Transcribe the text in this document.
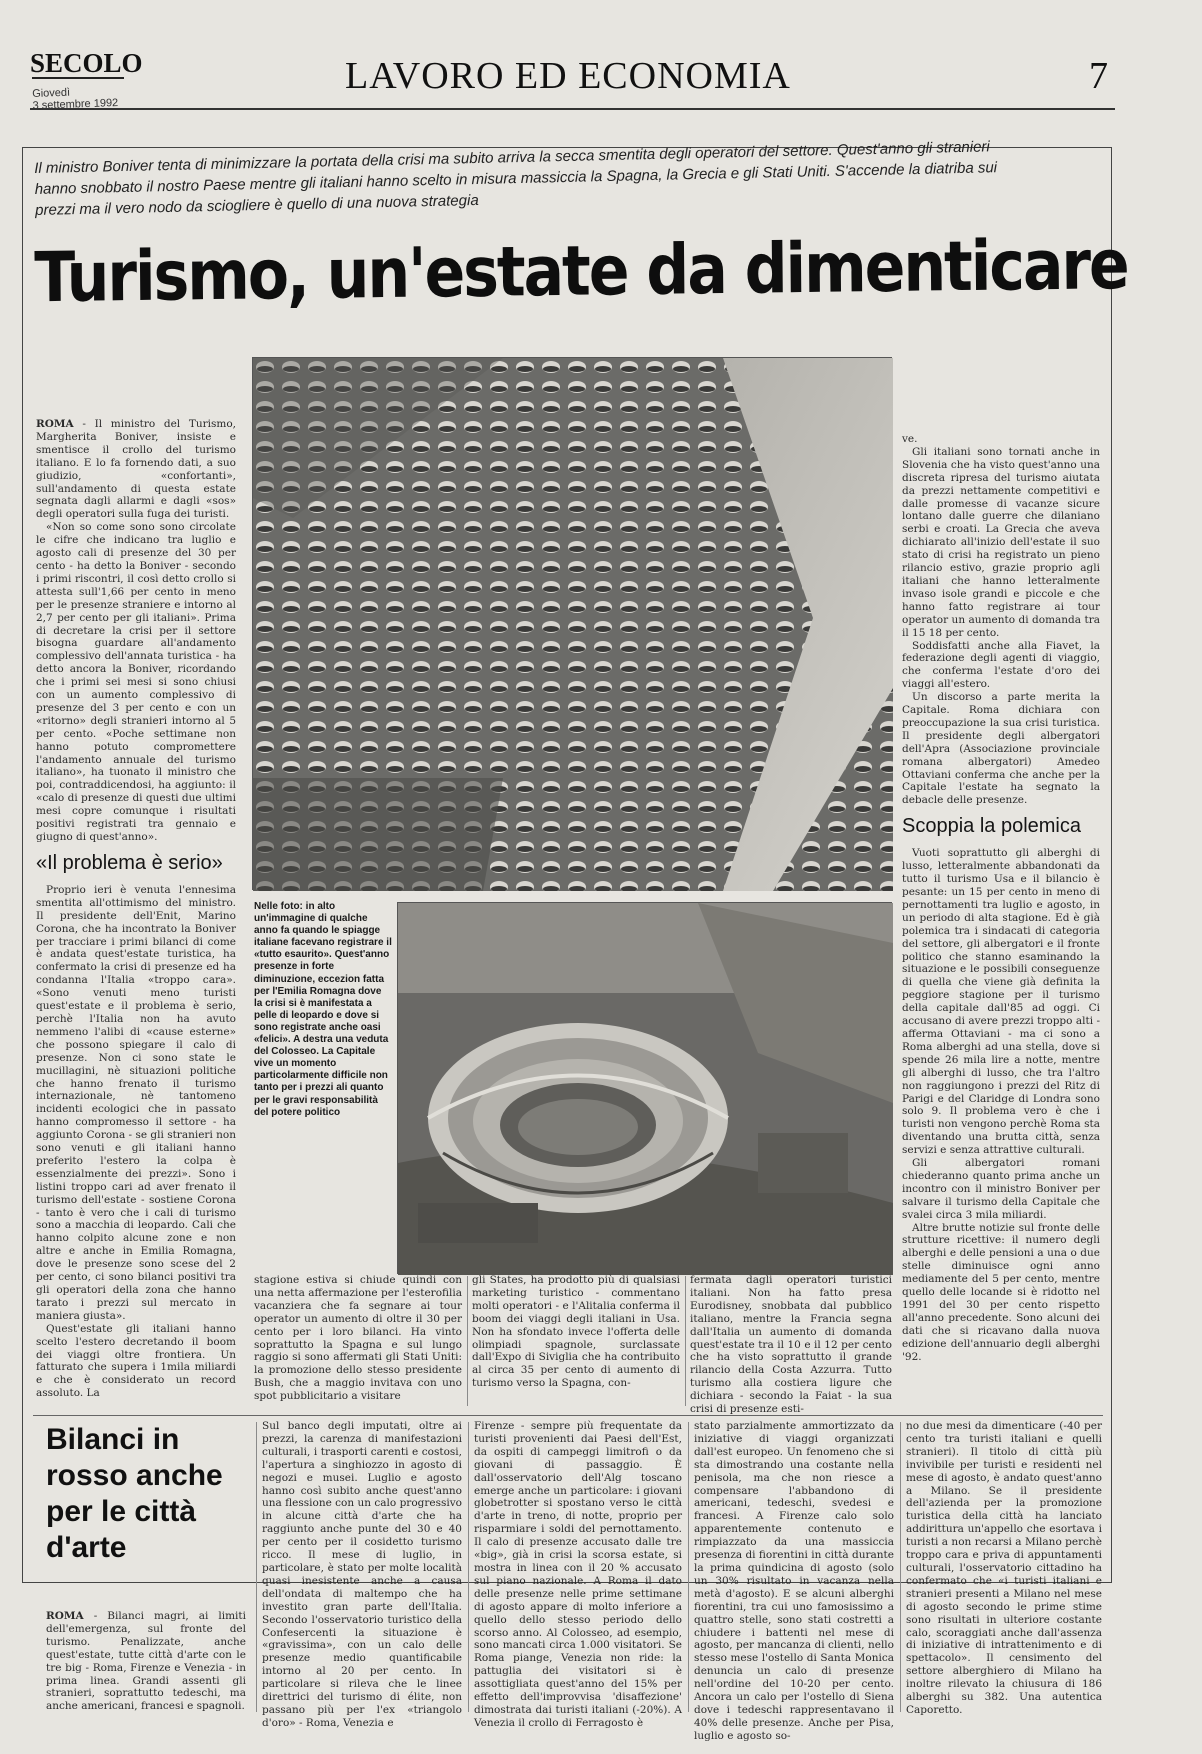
SECOLO
Giovedì
3 settembre 1992
LAVORO ED ECONOMIA	7
Il ministro Boniver tenta di minimizzare la portata della crisi ma subito arriva la secca smentita degli operatori del settore. Quest'anno gli stranieri hanno snobbato il nostro Paese mentre gli italiani hanno scelto in misura massiccia la Spagna, la Grecia e gli Stati Uniti. S'accende la diatriba sui prezzi ma il vero nodo da sciogliere è quello di una nuova strategia
Turismo, un'estate da dimenticare

ROMA - Il ministro del Turismo, Margherita Boniver, insiste e smentisce il crollo del turismo italiano. E lo fa fornendo dati, a suo giudizio, «confortanti», sull'andamento di questa estate segnata dagli allarmi e dagli «sos» degli operatori sulla fuga dei turisti.

«Non so come sono sono circolate le cifre che indicano tra luglio e agosto cali di presenze del 30 per cento - ha detto la Boniver - secondo i primi riscontri, il così detto crollo si attesta sull'1,66 per cento in meno per le presenze straniere e intorno al 2,7 per cento per gli italiani». Prima di decretare la crisi per il settore bisogna guardare all'andamento complessivo dell'annata turistica - ha detto ancora la Boniver, ricordando che i primi sei mesi si sono chiusi con un aumento complessivo di presenze del 3 per cento e con un «ritorno» degli stranieri intorno al 5 per cento. «Poche settimane non hanno potuto compromettere l'andamento annuale del turismo italiano», ha tuonato il ministro che poi, contraddicendosi, ha aggiunto: il «calo di presenze di questi due ultimi mesi copre comunque i risultati positivi registrati tra gennaio e giugno di quest'anno».

«Il problema è serio»

Proprio ieri è venuta l'ennesima smentita all'ottimismo del ministro. Il presidente dell'Enit, Marino Corona, che ha incontrato la Boniver per tracciare i primi bilanci di come è andata quest'estate turistica, ha confermato la crisi di presenze ed ha condanna l'Italia «troppo cara». «Sono venuti meno turisti quest'estate e il problema è serio, perchè l'Italia non ha avuto nemmeno l'alibi di «cause esterne» che possono spiegare il calo di presenze. Non ci sono state le mucillagini, nè situazioni politiche che hanno frenato il turismo internazionale, nè tantomeno incidenti ecologici che in passato hanno compromesso il settore - ha aggiunto Corona - se gli stranieri non sono venuti e gli italiani hanno preferito l'estero la colpa è essenzialmente dei prezzi». Sono i listini troppo cari ad aver frenato il turismo dell'estate - sostiene Corona - tanto è vero che i cali di turismo sono a macchia di leopardo. Cali che hanno colpito alcune zone e non altre e anche in Emilia Romagna, dove le presenze sono scese del 2 per cento, ci sono bilanci positivi tra gli operatori della zona che hanno tarato i prezzi sul mercato in maniera giusta».

Quest'estate gli italiani hanno scelto l'estero decretando il boom dei viaggi oltre frontiera. Un fatturato che supera i 1mila miliardi e che è considerato un record assoluto. La

Nelle foto: in alto un'immagine di qualche anno fa quando le spiagge italiane facevano registrare il «tutto esaurito». Quest'anno presenze in forte diminuzione, eccezion fatta per l'Emilia Romagna dove la crisi si è manifestata a pelle di leopardo e dove si sono registrate anche oasi «felici». A destra una veduta del Colosseo. La Capitale vive un momento particolarmente difficile non tanto per i prezzi ali quanto per le gravi responsabilità del potere politico

stagione estiva si chiude quindi con una netta affermazione per l'esterofilia vacanziera che fa segnare ai tour operator un aumento di oltre il 30 per cento per i loro bilanci. Ha vinto soprattutto la Spagna e sul lungo raggio si sono affermati gli Stati Uniti: la promozione dello stesso presidente Bush, che a maggio invitava con uno spot pubblicitario a visitare

gli States, ha prodotto più di qualsiasi marketing turistico - commentano molti operatori - e l'Alitalia conferma il boom dei viaggi degli italiani in Usa. Non ha sfondato invece l'offerta delle olimpiadi spagnole, surclassate dall'Expo di Siviglia che ha contribuito al circa 35 per cento di aumento di turismo verso la Spagna, con-

fermata dagli operatori turistici italiani. Non ha fatto presa Eurodisney, snobbata dal pubblico italiano, mentre la Francia segna dall'Italia un aumento di domanda quest'estate tra il 10 e il 12 per cento che ha visto soprattutto il grande rilancio della Costa Azzurra. Tutto turismo alla costiera ligure che dichiara - secondo la Faiat - la sua crisi di presenze esti-

ve.

Gli italiani sono tornati anche in Slovenia che ha visto quest'anno una discreta ripresa del turismo aiutata da prezzi nettamente competitivi e dalle promesse di vacanze sicure lontano dalle guerre che dilaniano serbi e croati. La Grecia che aveva dichiarato all'inizio dell'estate il suo stato di crisi ha registrato un pieno rilancio estivo, grazie proprio agli italiani che hanno letteralmente invaso isole grandi e piccole e che hanno fatto registrare ai tour operator un aumento di domanda tra il 15 18 per cento.

Soddisfatti anche alla Fiavet, la federazione degli agenti di viaggio, che conferma l'estate d'oro dei viaggi all'estero.

Un discorso a parte merita la Capitale. Roma dichiara con preoccupazione la sua crisi turistica. Il presidente degli albergatori dell'Apra (Associazione provinciale romana albergatori) Amedeo Ottaviani conferma che anche per la Capitale l'estate ha segnato la debacle delle presenze.

Scoppia la polemica

Vuoti soprattutto gli alberghi di lusso, letteralmente abbandonati da tutto il turismo Usa e il bilancio è pesante: un 15 per cento in meno di pernottamenti tra luglio e agosto, in un periodo di alta stagione. Ed è già polemica tra i sindacati di categoria del settore, gli albergatori e il fronte politico che stanno esaminando la situazione e le possibili conseguenze di quella che viene già definita la peggiore stagione per il turismo della capitale dall'85 ad oggi. Ci accusano di avere prezzi troppo alti - afferma Ottaviani - ma ci sono a Roma alberghi ad una stella, dove si spende 26 mila lire a notte, mentre gli alberghi di lusso, che tra l'altro non raggiungono i prezzi del Ritz di Parigi e del Claridge di Londra sono solo 9. Il problema vero è che i turisti non vengono perchè Roma sta diventando una brutta città, senza servizi e senza attrattive culturali.

Gli albergatori romani chiederanno quanto prima anche un incontro con il ministro Boniver per salvare il turismo della Capitale che svalei circa 3 mila miliardi.

Altre brutte notizie sul fronte delle strutture ricettive: il numero degli alberghi e delle pensioni a una o due stelle diminuisce ogni anno mediamente del 5 per cento, mentre quello delle locande si è ridotto nel 1991 del 30 per cento rispetto all'anno precedente. Sono alcuni dei dati che si ricavano dalla nuova edizione dell'annuario degli alberghi '92.

Bilanci in rosso anche per le città d'arte

ROMA - Bilanci magri, ai limiti dell'emergenza, sul fronte del turismo. Penalizzate, anche quest'estate, tutte città d'arte con le tre big - Roma, Firenze e Venezia - in prima linea. Grandi assenti gli stranieri, soprattutto tedeschi, ma anche americani, francesi e spagnoli.

Sul banco degli imputati, oltre ai prezzi, la carenza di manifestazioni culturali, i trasporti carenti e costosi, l'apertura a singhiozzo in agosto di negozi e musei. Luglio e agosto hanno così subito anche quest'anno una flessione con un calo progressivo in alcune città d'arte che ha raggiunto anche punte del 30 e 40 per cento per il cosidetto turismo ricco. Il mese di luglio, in particolare, è stato per molte località quasi inesistente anche a causa dell'ondata di maltempo che ha investito gran parte dell'Italia. Secondo l'osservatorio turistico della Confesercenti la situazione è «gravissima», con un calo delle presenze medio quantificabile intorno al 20 per cento. In particolare si rileva che le linee direttrici del turismo di élite, non passano più per l'ex «triangolo d'oro» - Roma, Venezia e

Firenze - sempre più frequentate da turisti provenienti dai Paesi dell'Est, da ospiti di campeggi limitrofi o da giovani di passaggio. È dall'osservatorio dell'Alg toscano emerge anche un particolare: i giovani globetrotter si spostano verso le città d'arte in treno, di notte, proprio per risparmiare i soldi del pernottamento. Il calo di presenze accusato dalle tre «big», già in crisi la scorsa estate, si mostra in linea con il 20 % accusato sul piano nazionale. A Roma il dato delle presenze nelle prime settimane di agosto appare di molto inferiore a quello dello stesso periodo dello scorso anno. Al Colosseo, ad esempio, sono mancati circa 1.000 visitatori. Se Roma piange, Venezia non ride: la pattuglia dei visitatori si è assottigliata quest'anno del 15% per effetto dell'improvvisa 'disaffezione' dimostrata dai turisti italiani (-20%). A Venezia il crollo di Ferragosto è

stato parzialmente ammortizzato da iniziative di viaggi organizzati dall'est europeo. Un fenomeno che si sta dimostrando una costante nella penisola, ma che non riesce a compensare l'abbandono di americani, tedeschi, svedesi e francesi. A Firenze calo solo apparentemente contenuto e rimpiazzato da una massiccia presenza di fiorentini in città durante la prima quindicina di agosto (solo un 30% risultato in vacanza nella metà d'agosto). E se alcuni alberghi fiorentini, tra cui uno famosissimo a quattro stelle, sono stati costretti a chiudere i battenti nel mese di agosto, per mancanza di clienti, nello stesso mese l'ostello di Santa Monica denuncia un calo di presenze nell'ordine del 10-20 per cento. Ancora un calo per l'ostello di Siena dove i tedeschi rappresentavano il 40% delle presenze. Anche per Pisa, luglio e agosto so-

no due mesi da dimenticare (-40 per cento tra turisti italiani e quelli stranieri). Il titolo di città più invivibile per turisti e residenti nel mese di agosto, è andato quest'anno a Milano. Se il presidente dell'azienda per la promozione turistica della città ha lanciato addirittura un'appello che esortava i turisti a non recarsi a Milano perchè troppo cara e priva di appuntamenti culturali, l'osservatorio cittadino ha confermato che «i turisti italiani e stranieri presenti a Milano nel mese di agosto secondo le prime stime sono risultati in ulteriore costante calo, scoraggiati anche dall'assenza di iniziative di intrattenimento e di spettacolo». Il censimento del settore alberghiero di Milano ha inoltre rilevato la chiusura di 186 alberghi su 382. Una autentica Caporetto.
